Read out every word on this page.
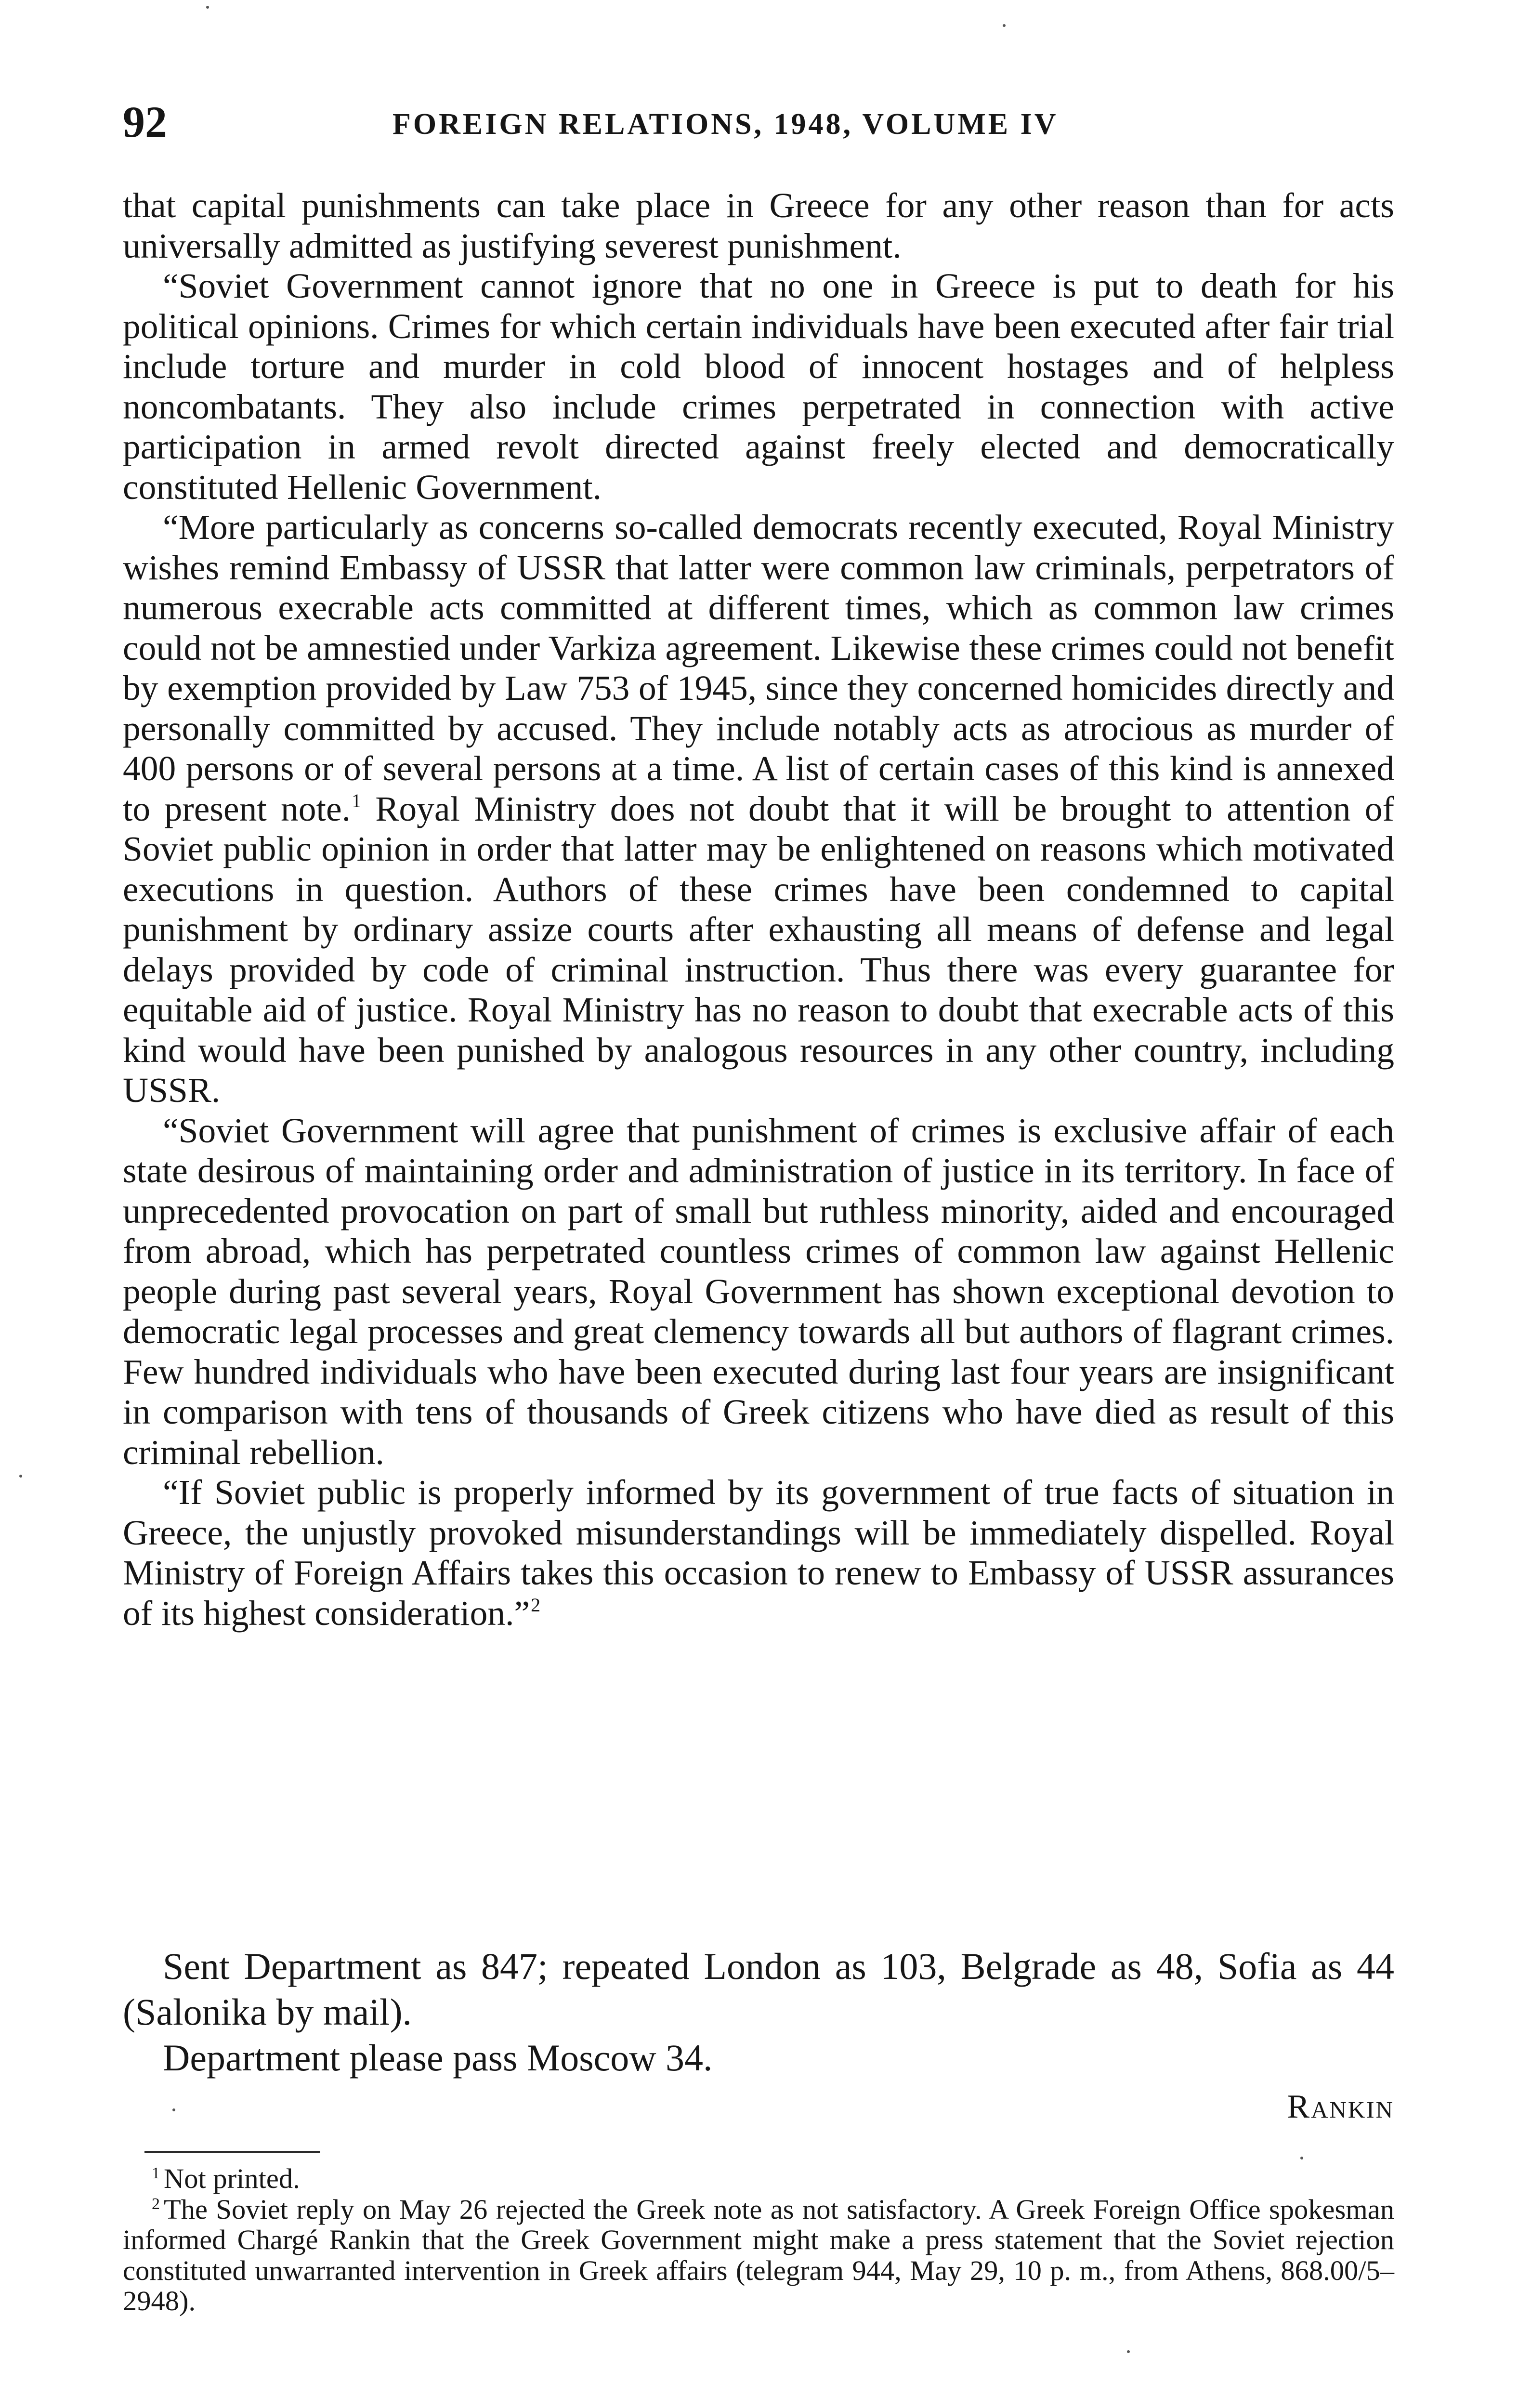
92	FOREIGN RELATIONS, 1948, VOLUME IV

that capital punishments can take place in Greece for any other reason than for acts universally admitted as justifying severest punishment.

“Soviet Government cannot ignore that no one in Greece is put to death for his political opinions. Crimes for which certain individuals have been executed after fair trial include torture and murder in cold blood of innocent hostages and of helpless noncombatants. They also include crimes perpetrated in connection with active participation in armed revolt directed against freely elected and democratically constituted Hellenic Government.

“More particularly as concerns so-called democrats recently executed, Royal Ministry wishes remind Embassy of USSR that latter were common law criminals, perpetrators of numerous execrable acts committed at different times, which as common law crimes could not be amnestied under Varkiza agreement. Likewise these crimes could not benefit by exemption provided by Law 753 of 1945, since they concerned homicides directly and personally committed by accused. They include notably acts as atrocious as murder of 400 persons or of several persons at a time. A list of certain cases of this kind is annexed to present note.$^1$ Royal Ministry does not doubt that it will be brought to attention of Soviet public opinion in order that latter may be enlightened on reasons which motivated executions in question. Authors of these crimes have been condemned to capital punishment by ordinary assize courts after exhausting all means of defense and legal delays provided by code of criminal instruction. Thus there was every guarantee for equitable aid of justice. Royal Ministry has no reason to doubt that execrable acts of this kind would have been punished by analogous resources in any other country, including USSR.

“Soviet Government will agree that punishment of crimes is exclusive affair of each state desirous of maintaining order and administration of justice in its territory. In face of unprecedented provocation on part of small but ruthless minority, aided and encouraged from abroad, which has perpetrated countless crimes of common law against Hellenic people during past several years, Royal Government has shown exceptional devotion to democratic legal processes and great clemency towards all but authors of flagrant crimes. Few hundred individuals who have been executed during last four years are insignificant in comparison with tens of thousands of Greek citizens who have died as result of this criminal rebellion.

“If Soviet public is properly informed by its government of true facts of situation in Greece, the unjustly provoked misunderstandings will be immediately dispelled. Royal Ministry of Foreign Affairs takes this occasion to renew to Embassy of USSR assurances of its highest consideration.”$^2$

Sent Department as 847; repeated London as 103, Belgrade as 48, Sofia as 44 (Salonika by mail).

Department please pass Moscow 34.

Rankin

$^1$ Not printed.

$^2$ The Soviet reply on May 26 rejected the Greek note as not satisfactory. A Greek Foreign Office spokesman informed Chargé Rankin that the Greek Government might make a press statement that the Soviet rejection constituted unwarranted intervention in Greek affairs (telegram 944, May 29, 10 p. m., from Athens, 868.00/5–2948).
